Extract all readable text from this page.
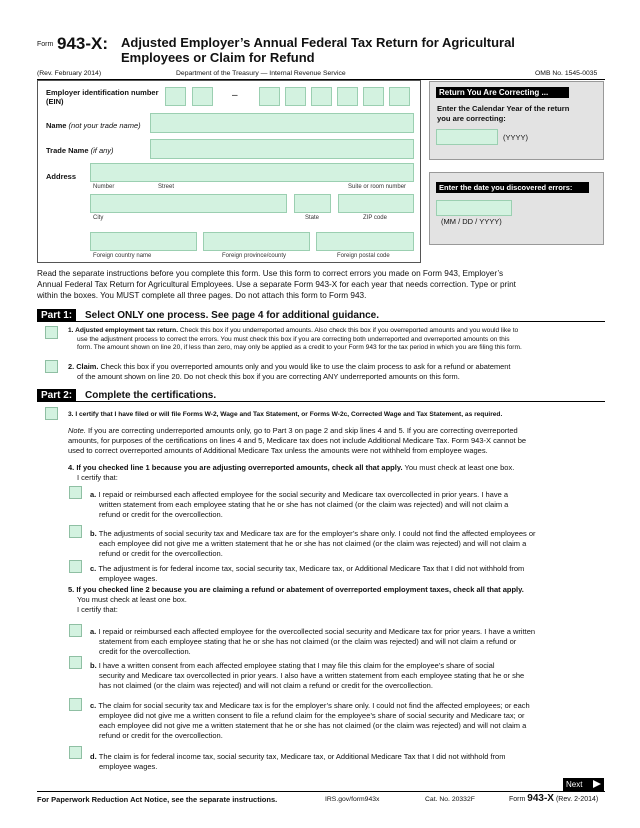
Form 943-X: Adjusted Employer’s Annual Federal Tax Return for Agricultural
Employees or Claim for Refund
(Rev. February 2014)	Department of the Treasury — Internal Revenue Service	OMB No. 1545-0035
Employer identification number
(EIN)
–
Name (not your trade name)
Trade Name (if any)
Address
Number	Street	Suite or room number
City	State	ZIP code
Foreign country name	Foreign province/county	Foreign postal code
Return You Are Correcting ...
Enter the Calendar Year of the return
you are correcting:
(YYYY)
Enter the date you discovered errors:
(MM / DD / YYYY)
Read the separate instructions before you complete this form. Use this form to correct errors you made on Form 943, Employer’s
Annual Federal Tax Return for Agricultural Employees. Use a separate Form 943-X for each year that needs correction. Type or print
within the boxes. You MUST complete all three pages. Do not attach this form to Form 943.
Part 1:	Select ONLY one process. See page 4 for additional guidance.
1. Adjusted employment tax return. Check this box if you underreported amounts. Also check this box if you overreported amounts and you would like to
use the adjustment process to correct the errors. You must check this box if you are correcting both underreported and overreported amounts on this
form. The amount shown on line 20, if less than zero, may only be applied as a credit to your Form 943 for the tax period in which you are filing this form.
2. Claim. Check this box if you overreported amounts only and you would like to use the claim process to ask for a refund or abatement
of the amount shown on line 20. Do not check this box if you are correcting ANY underreported amounts on this form.
Part 2:	Complete the certifications.
3. I certify that I have filed or will file Forms W-2, Wage and Tax Statement, or Forms W-2c, Corrected Wage and Tax Statement, as required.
Note. If you are correcting underreported amounts only, go to Part 3 on page 2 and skip lines 4 and 5. If you are correcting overreported
amounts, for purposes of the certifications on lines 4 and 5, Medicare tax does not include Additional Medicare Tax. Form 943-X cannot be
used to correct overreported amounts of Additional Medicare Tax unless the amounts were not withheld from employee wages.
4. If you checked line 1 because you are adjusting overreported amounts, check all that apply. You must check at least one box.
I certify that:
a. I repaid or reimbursed each affected employee for the social security and Medicare tax overcollected in prior years. I have a
written statement from each employee stating that he or she has not claimed (or the claim was rejected) and will not claim a
refund or credit for the overcollection.
b. The adjustments of social security tax and Medicare tax are for the employer’s share only. I could not find the affected employees or
each employee did not give me a written statement that he or she has not claimed (or the claim was rejected) and will not claim a
refund or credit for the overcollection.
c. The adjustment is for federal income tax, social security tax, Medicare tax, or Additional Medicare Tax that I did not withhold from
employee wages.
5. If you checked line 2 because you are claiming a refund or abatement of overreported employment taxes, check all that apply.
You must check at least one box.
I certify that:
a. I repaid or reimbursed each affected employee for the overcollected social security and Medicare tax for prior years. I have a written
statement from each employee stating that he or she has not claimed (or the claim was rejected) and will not claim a refund or
credit for the overcollection.
b. I have a written consent from each affected employee stating that I may file this claim for the employee’s share of social
security and Medicare tax overcollected in prior years. I also have a written statement from each employee stating that he or she
has not claimed (or the claim was rejected) and will not claim a refund or credit for the overcollection.
c. The claim for social security tax and Medicare tax is for the employer’s share only. I could not find the affected employees; or each
employee did not give me a written consent to file a refund claim for the employee’s share of social security and Medicare tax; or
each employee did not give me a written statement that he or she has not claimed (or the claim was rejected) and will not claim a
refund or credit for the overcollection.
d. The claim is for federal income tax, social security tax, Medicare tax, or Additional Medicare Tax that I did not withhold from
employee wages.
Next
For Paperwork Reduction Act Notice, see the separate instructions.	IRS.gov/form943x	Cat. No. 20332F	Form 943-X (Rev. 2-2014)
